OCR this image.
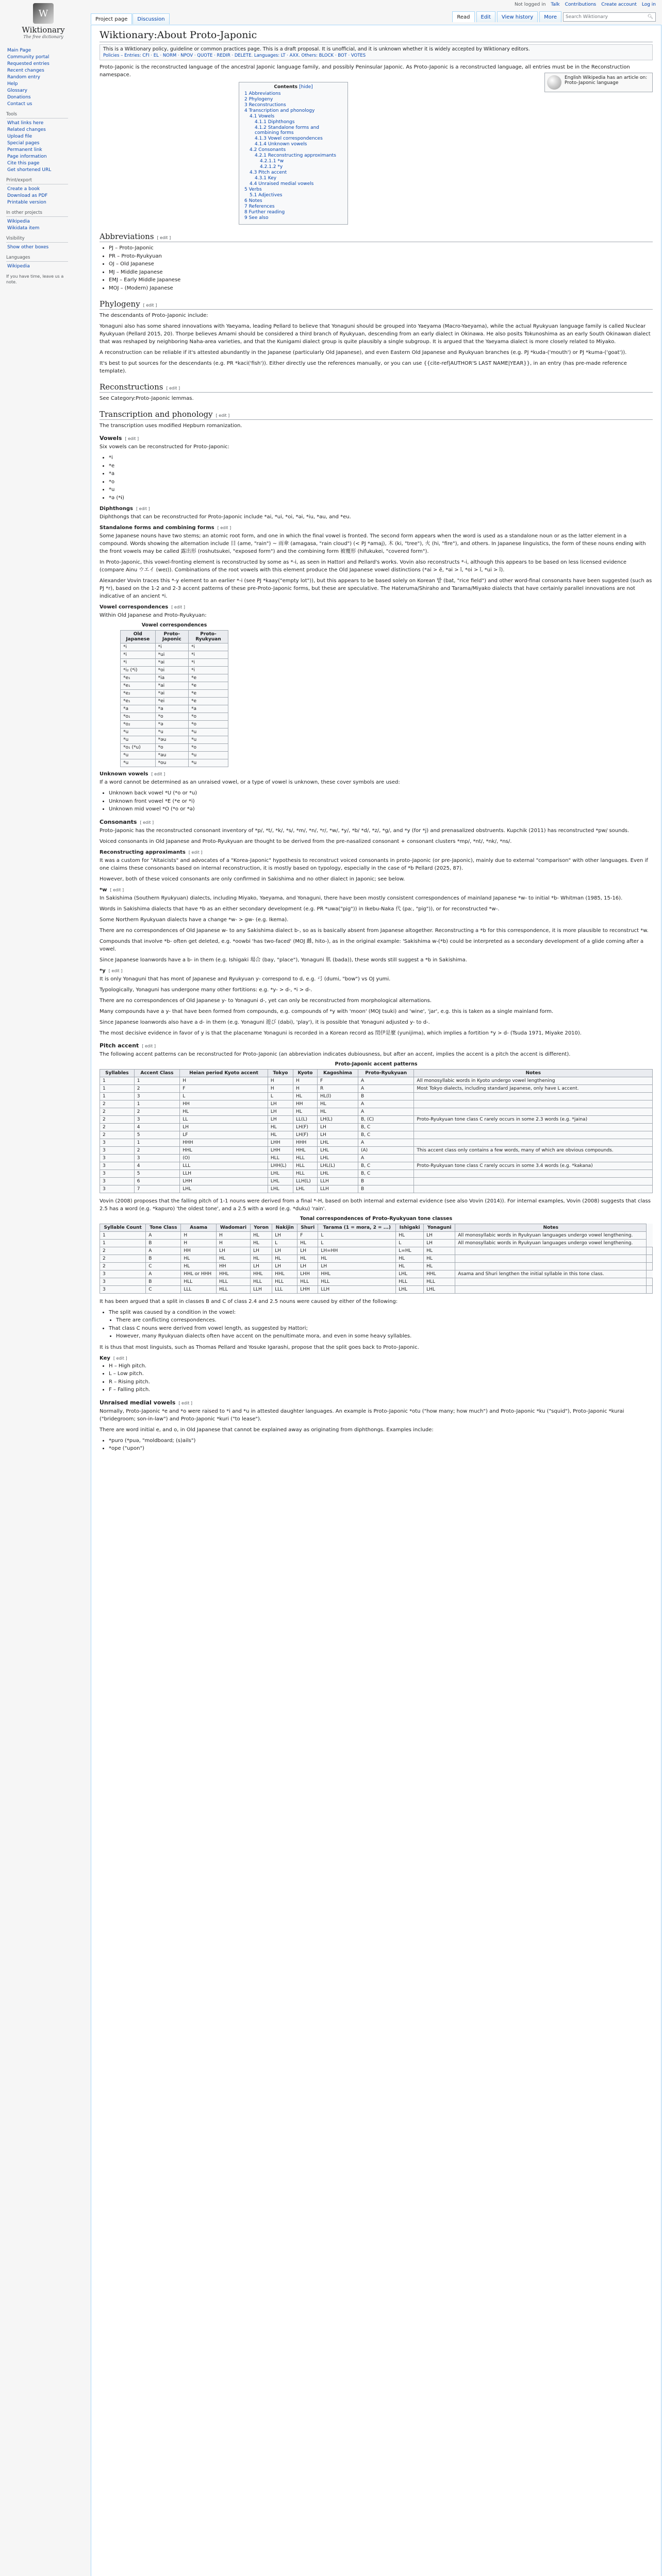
Not logged in Talk Contributions Create account Log in
Project page	Discussion	Read	Edit	View history	More	Search Wiktionary	🔍︎
W
Wiktionary
The free dictionary
Main Page
Community portal
Requested entries
Recent changes
Random entry
Help
Glossary
Donations
Contact us
Tools
What links here
Related changes
Upload file
Special pages
Permanent link
Page information
Cite this page
Get shortened URL
Print/export
Create a book
Download as PDF
Printable version
In other projects
Wikipedia
Wikidata item
Visibility
Show other boxes
Languages
Wikipedia
If you have time, leave us a note.
Wiktionary:About Proto-Japonic
This is a Wiktionary policy, guideline or common practices page. This is a draft proposal. It is unofficial, and it is unknown whether it is widely accepted by Wiktionary editors.
Policies – Entries: CFI · EL · NORM · NPOV · QUOTE · REDIR · DELETE. Languages: LT · AXX. Others: BLOCK · BOT · VOTES
English Wikipedia has an article on: Proto-Japonic language

Proto-Japonic is the reconstructed language of the ancestral Japonic language family, and possibly Peninsular Japonic. As Proto-Japonic is a reconstructed language, all entries must be in the Reconstruction namespace.

Contents [hide]
1 Abbreviations
2 Phylogeny
3 Reconstructions
4 Transcription and phonology
4.1 Vowels
4.1.1 Diphthongs
4.1.2 Standalone forms and combining forms
4.1.3 Vowel correspondences
4.1.4 Unknown vowels
4.2 Consonants
4.2.1 Reconstructing approximants
4.2.1.1 *w
4.2.1.2 *y
4.3 Pitch accent
4.3.1 Key
4.4 Unraised medial vowels
5 Verbs
5.1 Adjectives
6 Notes
7 References
8 Further reading
9 See also
Abbreviations [ edit ]
• PJ – Proto-Japonic
• PR – Proto-Ryukyuan
• OJ – Old Japanese
• MJ – Middle Japanese
• EMJ – Early Middle Japanese
• MOJ – (Modern) Japanese
Phylogeny [ edit ]

The descendants of Proto-Japonic include:

Yonaguni also has some shared innovations with Yaeyama, leading Pellard to believe that Yonaguni should be grouped into Yaeyama (Macro-Yaeyama), while the actual Ryukyuan language family is called Nuclear Ryukyuan (Pellard 2015, 20). Thorpe believes Amami should be considered a third branch of Ryukyuan, descending from an early dialect in Okinawa. He also posits Tokunoshima as an early South Okinawan dialect that was reshaped by neighboring Naha-area varieties, and that the Kunigami dialect group is quite plausibly a single subgroup. It is argued that the Yaeyama dialect is more closely related to Miyako.

A reconstruction can be reliable if it's attested abundantly in the Japanese (particularly Old Japanese), and even Eastern Old Japanese and Ryukyuan branches (e.g. PJ *kuda-('mouth') or PJ *kuma-('goat')).

It's best to put sources for the descendants (e.g. PR *kaci('fish')). Either directly use the references manually, or you can use {{cite-ref|AUTHOR'S LAST NAME|YEAR}}, in an entry (has pre-made reference template).

Reconstructions [ edit ]

See Category:Proto-Japonic lemmas.

Transcription and phonology [ edit ]

The transcription uses modified Hepburn romanization.

Vowels [ edit ]

Six vowels can be reconstructed for Proto-Japonic:

• *i
• *e
• *a
• *o
• *u
• *ə (*ɨ)
Diphthongs [ edit ]

Diphthongs that can be reconstructed for Proto-Japonic include *ai, *ui, *oi, *əi, *iu, *au, and *eu.

Standalone forms and combining forms [ edit ]

Some Japanese nouns have two stems; an atomic root form, and one in which the final vowel is fronted. The second form appears when the word is used as a standalone noun or as the latter element in a compound. Words showing the alternation include 目 (ame, "rain") ~ 雨傘 (amagasa, "rain cloud") (< PJ *amaj), 木 (ki, "tree"), 火 (hi, "fire"), and others. In Japanese linguistics, the form of these nouns ending with the front vowels may be called 露出形 (roshutsukei, "exposed form") and the combining form 被覆形 (hifukukei, "covered form").

In Proto-Japonic, this vowel-fronting element is reconstructed by some as *-i, as seen in Hattori and Pellard's works. Vovin also reconstructs *-i, although this appears to be based on less licensed evidence (compare Ainu ウエイ (weɪ)). Combinations of the root vowels with this element produce the Old Japanese vowel distinctions (*ai > ě, *əi > ǐ, *oi > ǐ, *ui > ǐ).

Alexander Vovin traces this *-y element to an earlier *-i (see PJ *kaay("empty lot")), but this appears to be based solely on Korean 밭 (bat, "rice field") and other word-final consonants have been suggested (such as PJ *r), based on the 1-2 and 2-3 accent patterns of these pre-Proto-Japonic forms, but these are speculative. The Hateruma/Shiraho and Tarama/Miyako dialects that have certainly parallel innovations are not indicative of an ancient *i.

Vowel correspondences [ edit ]

Within Old Japanese and Proto-Ryukyuan:

Vowel correspondences
Old Japanese	Proto-Japonic	Proto-Ryukyuan
*i	*i	*i
*i	*ui	*i
*i	*əi	*i
*i₂ (*i)	*oi	*i
*e₁	*ia	*e
*e₁	*ai	*e
*e₂	*əi	*e
*e₁	*ei	*e
*a	*a	*a
*o₁	*o	*o
*o₂	*ə	*o
*u	*u	*u
*u	*əu	*u
*o₁ (*u)	*o	*o
*u	*au	*u
*u	*ou	*u
Unknown vowels [ edit ]

If a word cannot be determined as an unraised vowel, or a type of vowel is unknown, these cover symbols are used:

• Unknown back vowel *U (*o or *u)
• Unknown front vowel *E (*e or *i)
• Unknown mid vowel *O (*o or *ə)
Consonants [ edit ]

Proto-Japonic has the reconstructed consonant inventory of *p/, *t/, *k/, *s/, *m/, *n/, *r/, *w/, *y/, *b/ *d/, *z/, *g/, and *y (for *j) and prenasalized obstruents. Kupchik (2011) has reconstructed *pw/ sounds.

Voiced consonants in Old Japanese and Proto-Ryukyuan are thought to be derived from the pre-nasalized consonant + consonant clusters *mp/, *nt/, *nk/, *ns/.

Reconstructing approximants [ edit ]

It was a custom for "Altaicists" and advocates of a "Korea-Japonic" hypothesis to reconstruct voiced consonants in proto-Japonic (or pre-Japonic), mainly due to external "comparison" with other languages. Even if one claims these consonants based on internal reconstruction, it is mostly based on typology, especially in the case of *b Pellard (2025, 87).

However, both of these voiced consonants are only confirmed in Sakishima and no other dialect in Japonic; see below.

*w [ edit ]

In Sakishima (Southern Ryukyuan) dialects, including Miyako, Yaeyama, and Yonaguni, there have been mostly consistent correspondences of mainland Japanese *w- to initial *b- Whitman (1985, 15-16).

Words in Sakishima dialects that have *b as an either secondary development (e.g. PR *uwa("pig")) in Ikebu-Naka 代 (paː, "pig")), or for reconstructed *w-.

Some Northern Ryukyuan dialects have a change *w- > gw- (e.g. Ikema).

There are no correspondences of Old Japanese w- to any Sakishima dialect b-, so as is basically absent from Japanese altogether. Reconstructing a *b for this correspondence, it is more plausible to reconstruct *w.

Compounds that involve *b- often get deleted, e.g. *oowbi 'has two-faced' (MOJ 雌, hito-), as in the original example: 'Sakishima w-(*b) could be interpreted as a secondary development of a glide coming after a vowel.

Since Japanese loanwords have a b- in them (e.g. Ishigaki 場合 (bay, "place"), Yonaguni 肌 (bada)), these words still suggest a *b in Sakishima.

*y [ edit ]

It is only Yonaguni that has mont of Japanese and Ryukyuan y- correspond to d, e.g. 弓 (dumi, "bow") vs OJ yumi.

Typologically, Yonaguni has undergone many other fortitions: e.g. *y- > d-, *i > d-.

There are no correspondences of Old Japanese y- to Yonaguni d-, yet can only be reconstructed from morphological alternations.

Many compounds have a y- that have been formed from compounds, e.g. compounds of *y with 'moon' (MOJ tsuki) and 'wine', 'jar', e.g. this is taken as a single mainland form.

Since Japanese loanwords also have a d- in them (e.g. Yonaguni 遊び (dabi), 'play'), it is possible that Yonaguni adjusted y- to d-.

The most decisive evidence in favor of y is that the placename Yonaguni is recorded in a Korean record as 閏伊是麼 (yunijima), which implies a fortition *y > d- (Tsuda 1971, Miyake 2010).

Pitch accent [ edit ]

The following accent patterns can be reconstructed for Proto-Japonic (an abbreviation indicates dubiousness, but after an accent, implies the accent is a pitch the accent is different).

Proto-Japonic accent patterns
Syllables	Accent Class	Heian period Kyoto accent	Tokyo	Kyoto	Kagoshima	Proto-Ryukyuan	Notes
1	1	H	H	H	F	A	All monosyllabic words in Kyoto undergo vowel lengthening
1	2	F	H	H	R	A	Most Tokyo dialects, including standard Japanese, only have L accent.
1	3	L	L	HL	HL(l)	B	
2	1	HH	LH	HH	HL	A	
2	2	HL	LH	HL	HL	A	
2	3	LL	LH	LL(L)	LH(L)	B, (C)	Proto-Ryukyuan tone class C rarely occurs in some 2.3 words (e.g. *jaina)
2	4	LH	HL	LH(F)	LH	B, C	
2	5	LF	HL	LH(F)	LH	B, C	
3	1	HHH	LHH	HHH	LHL	A	
3	2	HHL	LHH	HHL	LHL	(A)	This accent class only contains a few words, many of which are obvious compounds.
3	3	(O)	HLL	HLL	LHL	A	
3	4	LLL	LHH(L)	HLL	LHL(L)	B, C	Proto-Ryukyuan tone class C rarely occurs in some 3.4 words (e.g. *kakana)
3	5	LLH	LHL	HLL	LHL	B, C	
3	6	LHH	LHL	LLH(L)	LLH	B	
3	7	LHL	LHL	LHL	LLH	B	

Vovin (2008) proposes that the falling pitch of 1-1 nouns were derived from a final *-H, based on both internal and external evidence (see also Vovin (2014)). For internal examples, Vovin (2008) suggests that class 2.5 has a word (e.g. *kapuro) 'the oldest tone', and a 2.5 with a word (e.g. *duku) 'rain'.

Tonal correspondences of Proto-Ryukyuan tone classes
Syllable Count	Tone Class	Asama	Wadomari	Yoron	Nakijin	Shuri	Tarama (1 = mora, 2 = ...)	Ishigaki	Yonaguni	Notes	
1	A	H	H	HL	LH	F	L	HL	LH	All monosyllabic words in Ryukyuan languages undergo vowel lengthening.	
1	B	H	H	HL	L	HL	L	L	LH	All monosyllabic words in Ryukyuan languages undergo vowel lengthening.	
2	A	HH	LH	LH	LH	LH	LH=HH	L=HL	HL		
2	B	HL	HL	HL	HL	HL	HL	HL	HL		
2	C	HL	HH	LH	LH	LH	LH	HL	HL		
3	A	HHL or HHH	HHL	HHL	HHL	LHH	HHL	LHL	HHL	Asama and Shuri lengthen the initial syllable in this tone class.	
3	B	HLL	HLL	HLL	HLL	HLL	HLL	HLL	HLL		
3	C	LLL	HLL	LLH	LLL	LHH	LLH	LHL	LHL		

It has been argued that a split in classes B and C of class 2.4 and 2.5 nouns were caused by either of the following:

• The split was caused by a condition in the vowel:
• There are conflicting correspondences.
• That class C nouns were derived from vowel length, as suggested by Hattori;
• However, many Ryukyuan dialects often have accent on the penultimate mora, and even in some heavy syllables.

It is thus that most linguists, such as Thomas Pellard and Yosuke Igarashi, propose that the split goes back to Proto-Japonic.

Key [ edit ]
• H – High pitch.
• L – Low pitch.
• R – Rising pitch.
• F – Falling pitch.
Unraised medial vowels [ edit ]

Normally, Proto-Japonic *e and *o were raised to *i and *u in attested daughter languages. An example is Proto-Japonic *otu ("how many; how much") and Proto-Japonic *ku ("squid"), Proto-Japonic *kurai ("bridegroom; son-in-law") and Proto-Japonic *kuri ("to lease").

There are word initial e, and o, in Old Japanese that cannot be explained away as originating from diphthongs. Examples include:

• *puro (*puə, "moldboard; (s)ails")
• *ope ("upon")
